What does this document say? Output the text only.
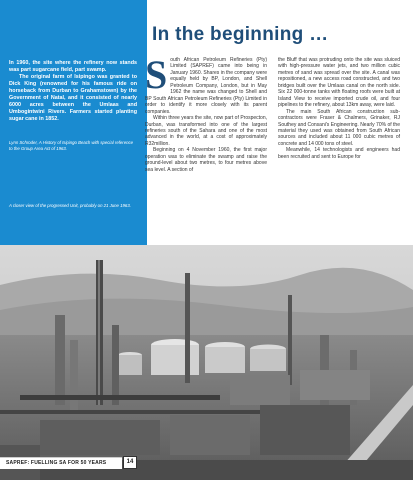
In 1960, the site where the refinery now stands was part sugarcane field, part swamp.

The original farm of Isipingo was granted to Dick King (renowned for his famous ride on horseback from Durban to Grahamstown) by the Government of Natal, and it consisted of nearly 6000 acres between the Umlaas and Umbogintwini Rivers. Farmers started planting sugar cane in 1852.

Lynn Schroder, A History of Isipingo Beach with special reference to the Group Area Act of 1963.
A closer view of the progressed Unit, probably on 21 June 1963.
In the beginning …

South African Petroleum Refineries (Pty) Limited (SAPREF) came into being in January 1960. Shares in the company were equally held by BP, London, and Shell Petroleum Company, London, but in May 1962 the name was changed to Shell and BP South African Petroleum Refineries (Pty) Limited in order to identify it more closely with its parent companies.

Within three years the site, now part of Prospecton, Durban, was transformed into one of the largest refineries south of the Sahara and one of the most advanced in the world, at a cost of approximately R32million.

Beginning on 4 November 1960, the first major operation was to eliminate the swamp and raise the ground-level about two metres, to four metres above sea level. A section of

the Bluff that was protruding onto the site was sluiced with high-pressure water jets, and two million cubic metres of sand was spread over the site. A canal was repositioned, a new access road constructed, and two bridges built over the Umlaas canal on the north side. Six 22 000-tonne tanks with floating roofs were built at Island View to receive imported crude oil, and four pipelines to the refinery, about 13km away, were laid.

The main South African construction sub-contractors were Fraser & Chalmers, Grinaker, RJ Southey and Consani's Engineering. Nearly 70% of the material they used was obtained from South African sources and included about 11 000 cubic metres of concrete and 14 000 tons of steel.

Meanwhile, 14 technologists and engineers had been recruited and sent to Europe for

SAPREF: FUELLING SA FOR 50 YEARS	14
